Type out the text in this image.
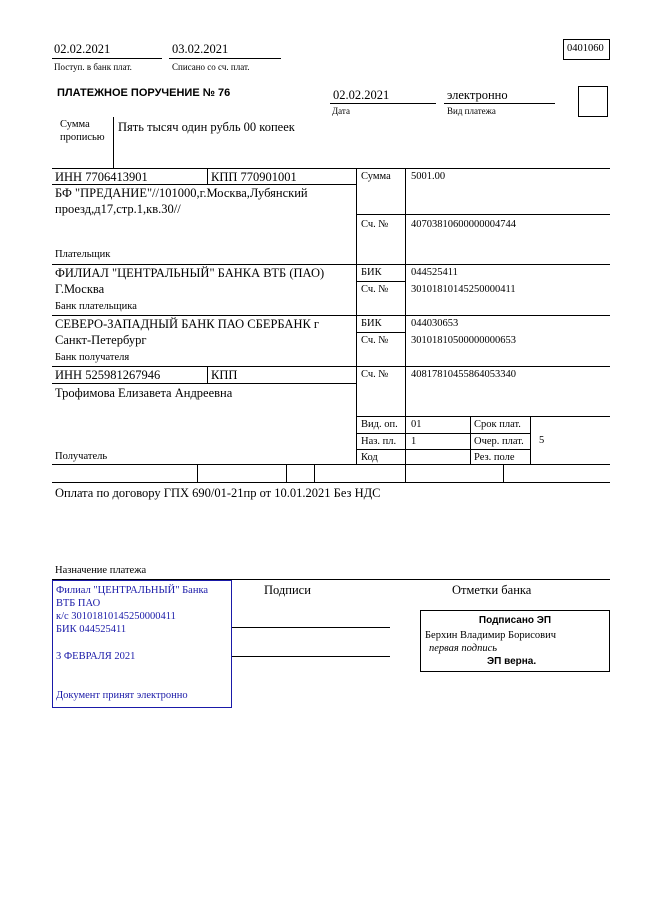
02.02.2021
Поступ. в банк плат.
03.02.2021
Списано со сч. плат.
0401060
ПЛАТЕЖНОЕ ПОРУЧЕНИЕ № 76	02.02.2021
Дата
электронно
Вид платежа
Сумма
прописью
Пять тысяч один рубль 00 копеек
ИНН 7706413901	КПП 770901001
БФ "ПРЕДАНИЕ"//101000,г.Москва,Лубянский
проезд,д17,стр.1,кв.30//
Плательщик
Сумма 5001.00
Сч. № 40703810600000004744
ФИЛИАЛ "ЦЕНТРАЛЬНЫЙ" БАНКА ВТБ (ПАО)
Г.Москва
Банк плательщика
БИК	044525411
Сч. № 30101810145250000411
СЕВЕРО-ЗАПАДНЫЙ БАНК ПАО СБЕРБАНК г
Санкт-Петербург
Банк получателя
БИК	044030653
Сч. № 30101810500000000653
ИНН 525981267946	КПП
Трофимова Елизавета Андреевна
Получатель
Сч. № 40817810455864053340
Вид. оп. 01
Наз. пл. 1
Код
Срок плат.
Очер. плат. 5
Рез. поле
Оплата по договору ГПХ 690/01-21пр от 10.01.2021 Без НДС
Назначение платежа
Подписи	Отметки банка
Филиал "ЦЕНТРАЛЬНЫЙ" Банка
ВТБ ПАО
к/с 30101810145250000411
БИК 044525411
3 ФЕВРАЛЯ 2021
Документ принят электронно
Подписано ЭП
Берхин Владимир Борисович
первая подпись
ЭП верна.
